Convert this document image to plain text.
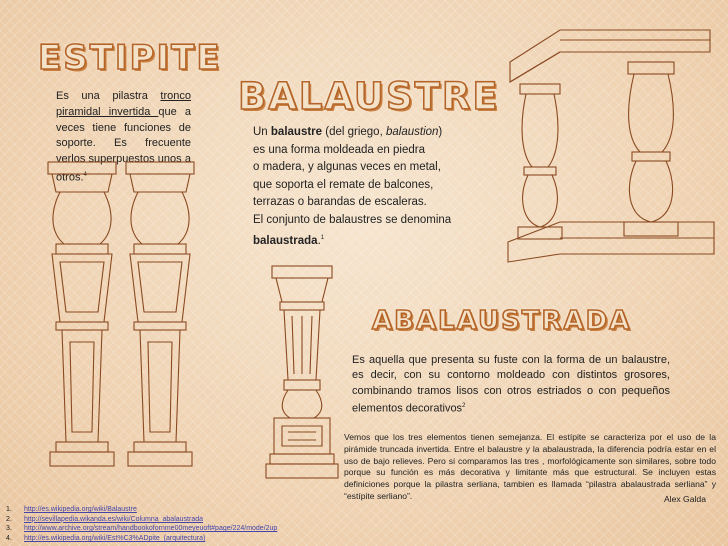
ESTIPITE
BALAUSTRE
ABALAUSTRADA
Es una pilastra tronco piramidal invertida que a veces tiene funciones de soporte. Es frecuente verlos superpuestos unos a otros.$^4$
Un balaustre (del griego, balaustion)
es una forma moldeada en piedra
o madera, y algunas veces en metal,
que soporta el remate de balcones,
terrazas o barandas de escaleras.
El conjunto de balaustres se denomina
balaustrada.$^1$
Es aquella que presenta su fuste con la forma de un balaustre, es decir, con su contorno moldeado con distintos grosores, combinando tramos lisos con otros estriados o con pequeños elementos decorativos$^2$
Vemos que los tres elementos tienen semejanza. El estípite se caracteriza por el uso de la pirámide truncada invertida. Entre el balaustre y la abalaustrada, la diferencia podría estar en el uso de bajo relieves. Pero si comparamos las tres , morfológicamente son similares, sobre todo porque su función es más decorativa y limitante más que estructural. Se incluyen estas definiciones porque la pilastra serliana, tambien es llamada “pilastra abalaustrada serliana” y “estípite serliano”.	Alex Galda
1.	http://es.wikipedia.org/wiki/Balaustre
2.	http://sevillapedia.wikanda.es/wiki/Columna_abalaustrada
3.	http://www.archive.org/stream/handbookofornme00meyeuoft#page/224/mode/2up
4.	http://es.wikipedia.org/wiki/Est%C3%ADpite_(arquitectura)
